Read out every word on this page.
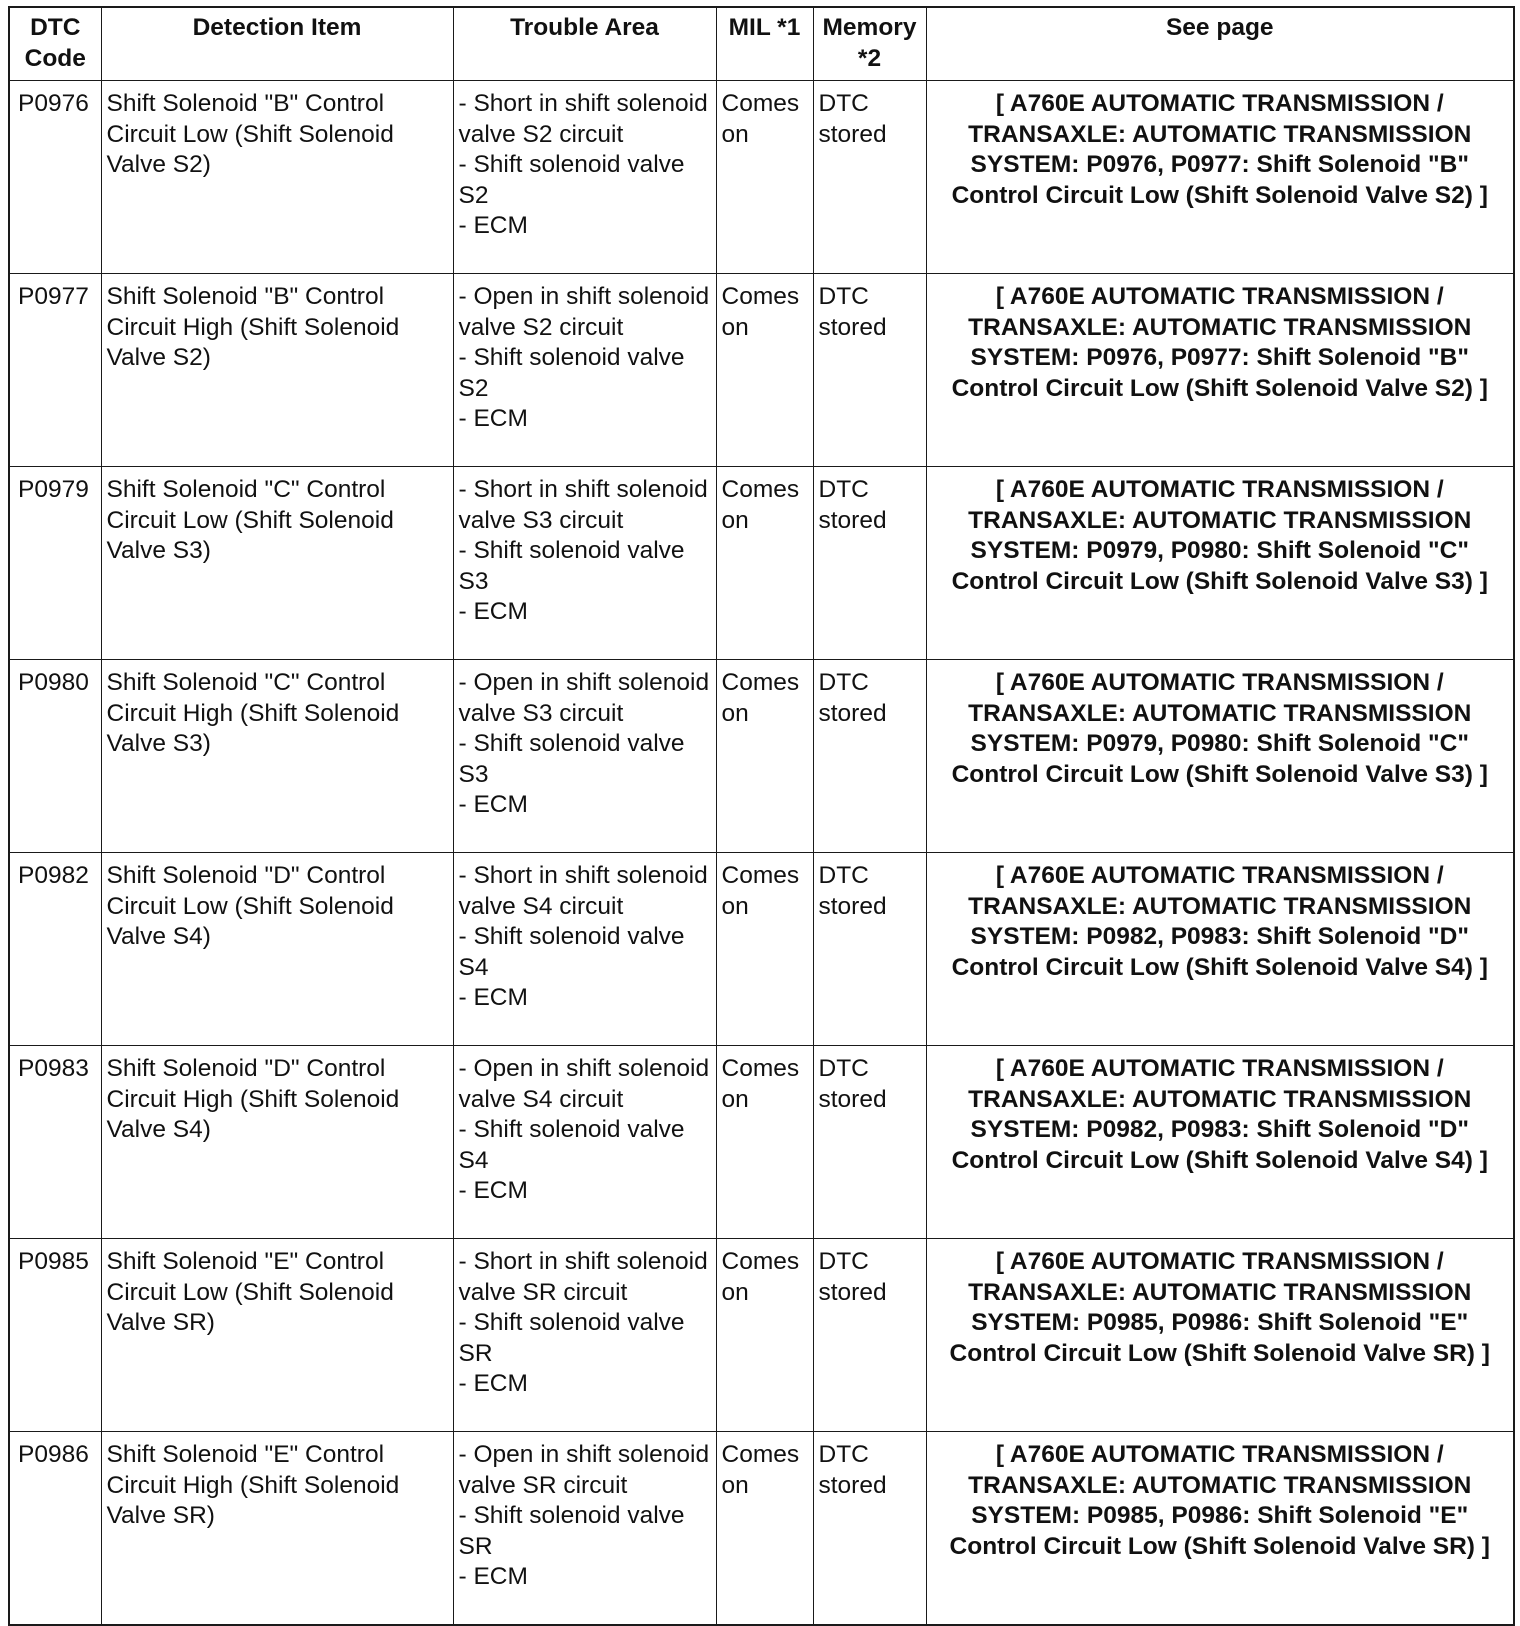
DTC Code	Detection Item	Trouble Area	MIL *1	Memory *2	See page
P0976	Shift Solenoid "B" Control Circuit Low (Shift Solenoid Valve S2)	- Short in shift solenoid valve S2 circuit
- Shift solenoid valve S2
- ECM	Comes on	DTC stored	[ A760E AUTOMATIC TRANSMISSION / TRANSAXLE: AUTOMATIC TRANSMISSION SYSTEM: P0976, P0977: Shift Solenoid "B" Control Circuit Low (Shift Solenoid Valve S2) ]
P0977	Shift Solenoid "B" Control Circuit High (Shift Solenoid Valve S2)	- Open in shift solenoid valve S2 circuit
- Shift solenoid valve S2
- ECM	Comes on	DTC stored	[ A760E AUTOMATIC TRANSMISSION / TRANSAXLE: AUTOMATIC TRANSMISSION SYSTEM: P0976, P0977: Shift Solenoid "B" Control Circuit Low (Shift Solenoid Valve S2) ]
P0979	Shift Solenoid "C" Control Circuit Low (Shift Solenoid Valve S3)	- Short in shift solenoid valve S3 circuit
- Shift solenoid valve S3
- ECM	Comes on	DTC stored	[ A760E AUTOMATIC TRANSMISSION / TRANSAXLE: AUTOMATIC TRANSMISSION SYSTEM: P0979, P0980: Shift Solenoid "C" Control Circuit Low (Shift Solenoid Valve S3) ]
P0980	Shift Solenoid "C" Control Circuit High (Shift Solenoid Valve S3)	- Open in shift solenoid valve S3 circuit
- Shift solenoid valve S3
- ECM	Comes on	DTC stored	[ A760E AUTOMATIC TRANSMISSION / TRANSAXLE: AUTOMATIC TRANSMISSION SYSTEM: P0979, P0980: Shift Solenoid "C" Control Circuit Low (Shift Solenoid Valve S3) ]
P0982	Shift Solenoid "D" Control Circuit Low (Shift Solenoid Valve S4)	- Short in shift solenoid valve S4 circuit
- Shift solenoid valve S4
- ECM	Comes on	DTC stored	[ A760E AUTOMATIC TRANSMISSION / TRANSAXLE: AUTOMATIC TRANSMISSION SYSTEM: P0982, P0983: Shift Solenoid "D" Control Circuit Low (Shift Solenoid Valve S4) ]
P0983	Shift Solenoid "D" Control Circuit High (Shift Solenoid Valve S4)	- Open in shift solenoid valve S4 circuit
- Shift solenoid valve S4
- ECM	Comes on	DTC stored	[ A760E AUTOMATIC TRANSMISSION / TRANSAXLE: AUTOMATIC TRANSMISSION SYSTEM: P0982, P0983: Shift Solenoid "D" Control Circuit Low (Shift Solenoid Valve S4) ]
P0985	Shift Solenoid "E" Control Circuit Low (Shift Solenoid Valve SR)	- Short in shift solenoid valve SR circuit
- Shift solenoid valve SR
- ECM	Comes on	DTC stored	[ A760E AUTOMATIC TRANSMISSION / TRANSAXLE: AUTOMATIC TRANSMISSION SYSTEM: P0985, P0986: Shift Solenoid "E" Control Circuit Low (Shift Solenoid Valve SR) ]
P0986	Shift Solenoid "E" Control Circuit High (Shift Solenoid Valve SR)	- Open in shift solenoid valve SR circuit
- Shift solenoid valve SR
- ECM	Comes on	DTC stored	[ A760E AUTOMATIC TRANSMISSION / TRANSAXLE: AUTOMATIC TRANSMISSION SYSTEM: P0985, P0986: Shift Solenoid "E" Control Circuit Low (Shift Solenoid Valve SR) ]
